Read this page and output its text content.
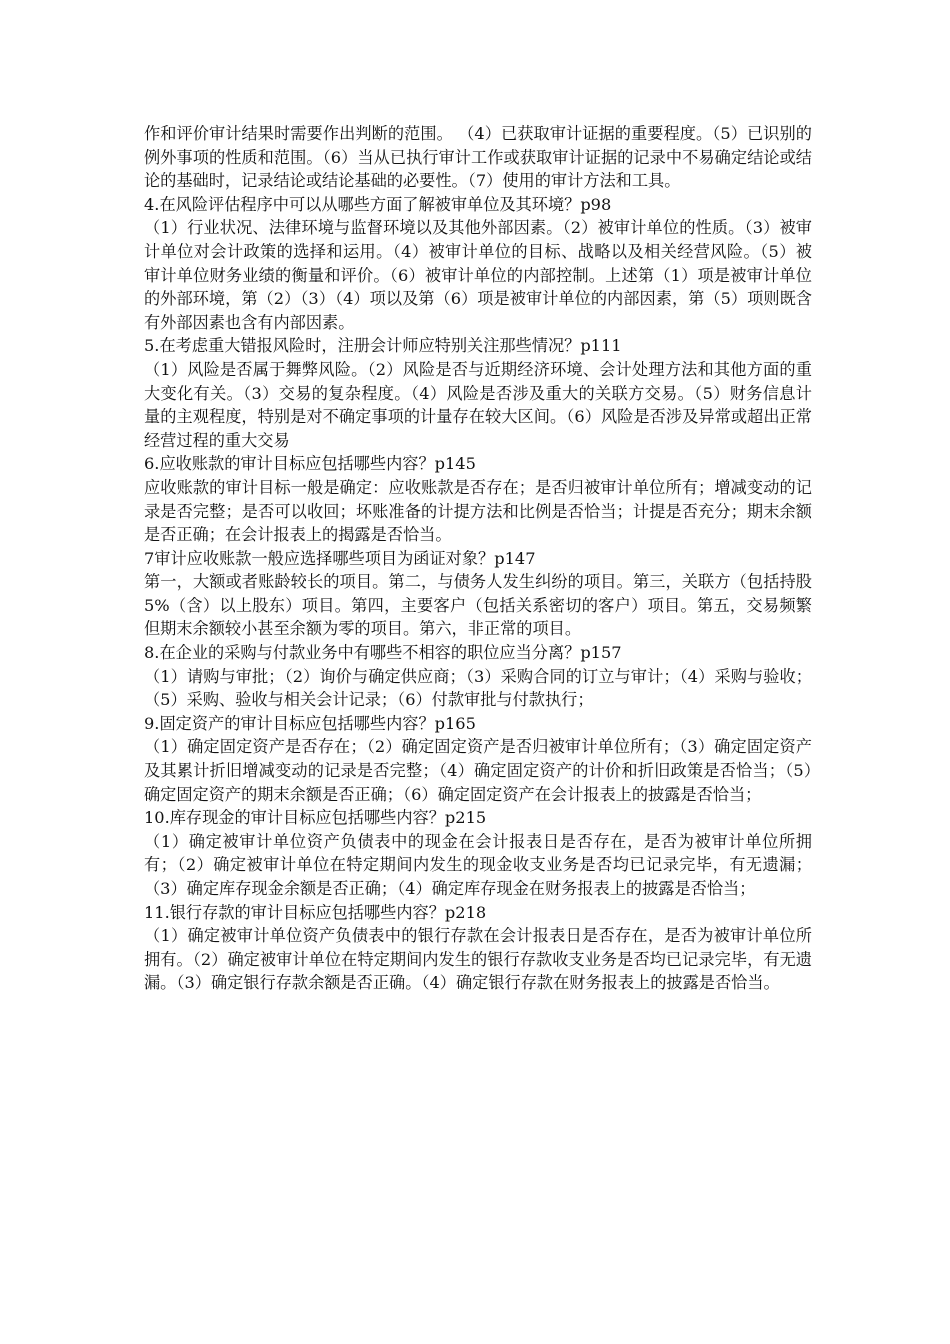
作和评价审计结果时需要作出判断的范围。 （4）已获取审计证据的重要程度。（5）已识别的例外事项的性质和范围。（6）当从已执行审计工作或获取审计证据的记录中不易确定结论或结论的基础时，记录结论或结论基础的必要性。（7）使用的审计方法和工具。

4.在风险评估程序中可以从哪些方面了解被审单位及其环境？p98

（1）行业状况、法律环境与监督环境以及其他外部因素。（2）被审计单位的性质。（3）被审计单位对会计政策的选择和运用。（4）被审计单位的目标、战略以及相关经营风险。（5）被审计单位财务业绩的衡量和评价。（6）被审计单位的内部控制。上述第（1）项是被审计单位的外部环境，第（2）（3）（4）项以及第（6）项是被审计单位的内部因素，第（5）项则既含有外部因素也含有内部因素。

5.在考虑重大错报风险时，注册会计师应特别关注那些情况？p111

（1）风险是否属于舞弊风险。（2）风险是否与近期经济环境、会计处理方法和其他方面的重大变化有关。（3）交易的复杂程度。（4）风险是否涉及重大的关联方交易。（5）财务信息计量的主观程度，特别是对不确定事项的计量存在较大区间。（6）风险是否涉及异常或超出正常经营过程的重大交易

6.应收账款的审计目标应包括哪些内容？p145

应收账款的审计目标一般是确定：应收账款是否存在；是否归被审计单位所有；增减变动的记录是否完整；是否可以收回；坏账准备的计提方法和比例是否恰当；计提是否充分；期末余额是否正确；在会计报表上的揭露是否恰当。

7审计应收账款一般应选择哪些项目为函证对象？p147

第一，大额或者账龄较长的项目。第二，与债务人发生纠纷的项目。第三，关联方（包括持股5%（含）以上股东）项目。第四，主要客户（包括关系密切的客户）项目。第五，交易频繁但期末余额较小甚至余额为零的项目。第六，非正常的项目。

8.在企业的采购与付款业务中有哪些不相容的职位应当分离？p157

（1）请购与审批；（2）询价与确定供应商；（3）采购合同的订立与审计；（4）采购与验收；（5）采购、验收与相关会计记录；（6）付款审批与付款执行；

9.固定资产的审计目标应包括哪些内容？p165

（1）确定固定资产是否存在；（2）确定固定资产是否归被审计单位所有；（3）确定固定资产及其累计折旧增减变动的记录是否完整；（4）确定固定资产的计价和折旧政策是否恰当；（5）确定固定资产的期末余额是否正确；（6）确定固定资产在会计报表上的披露是否恰当；

10.库存现金的审计目标应包括哪些内容？p215

（1）确定被审计单位资产负债表中的现金在会计报表日是否存在，是否为被审计单位所拥有；（2）确定被审计单位在特定期间内发生的现金收支业务是否均已记录完毕，有无遗漏；（3）确定库存现金余额是否正确；（4）确定库存现金在财务报表上的披露是否恰当；

11.银行存款的审计目标应包括哪些内容？p218

（1）确定被审计单位资产负债表中的银行存款在会计报表日是否存在，是否为被审计单位所拥有。（2）确定被审计单位在特定期间内发生的银行存款收支业务是否均已记录完毕，有无遗漏。（3）确定银行存款余额是否正确。（4）确定银行存款在财务报表上的披露是否恰当。
